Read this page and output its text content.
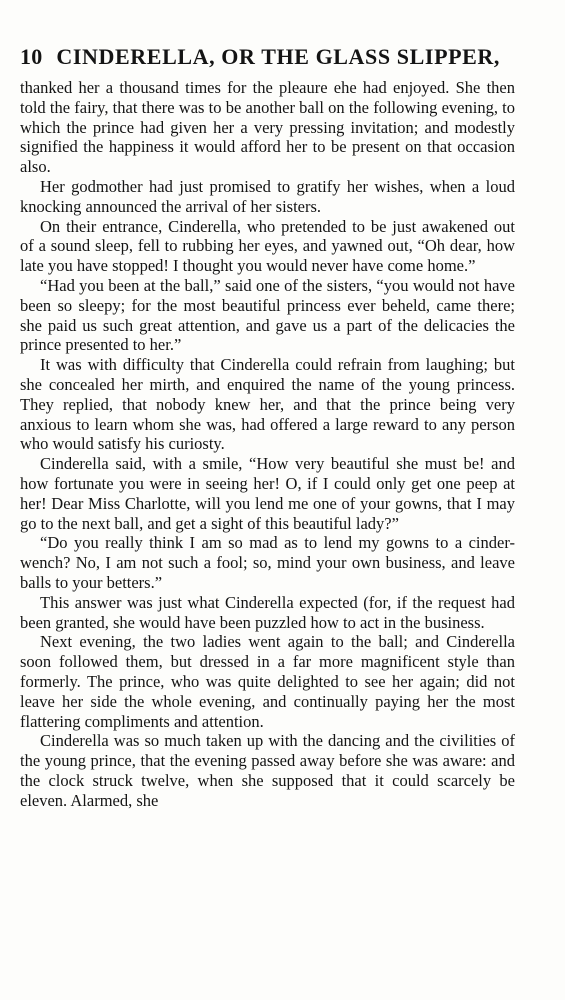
10 CINDERELLA, OR THE GLASS SLIPPER,

thanked her a thousand times for the pleaure ehe had enjoyed. She then told the fairy, that there was to be another ball on the following evening, to which the prince had given her a very pressing invitation; and modestly signified the happiness it would afford her to be present on that occasion also.

Her godmother had just promised to gratify her wishes, when a loud knocking announced the arrival of her sisters.

On their entrance, Cinderella, who pretended to be just awakened out of a sound sleep, fell to rubbing her eyes, and yawned out, “Oh dear, how late you have stopped! I thought you would never have come home.”

“Had you been at the ball,” said one of the sisters, “you would not have been so sleepy; for the most beautiful princess ever beheld, came there; she paid us such great attention, and gave us a part of the delicacies the prince presented to her.”

It was with difficulty that Cinderella could refrain from laughing; but she concealed her mirth, and enquired the name of the young princess. They replied, that nobody knew her, and that the prince being very anxious to learn whom she was, had offered a large reward to any person who would satisfy his curiosty.

Cinderella said, with a smile, “How very beautiful she must be! and how fortunate you were in seeing her! O, if I could only get one peep at her! Dear Miss Charlotte, will you lend me one of your gowns, that I may go to the next ball, and get a sight of this beautiful lady?”

“Do you really think I am so mad as to lend my gowns to a cinder-wench? No, I am not such a fool; so, mind your own business, and leave balls to your betters.”

This answer was just what Cinderella expected (for, if the request had been granted, she would have been puzzled how to act in the business.

Next evening, the two ladies went again to the ball; and Cinderella soon followed them, but dressed in a far more magnificent style than formerly. The prince, who was quite delighted to see her again; did not leave her side the whole evening, and continually paying her the most flattering compliments and attention.

Cinderella was so much taken up with the dancing and the civilities of the young prince, that the evening passed away before she was aware: and the clock struck twelve, when she supposed that it could scarcely be eleven. Alarmed, she
